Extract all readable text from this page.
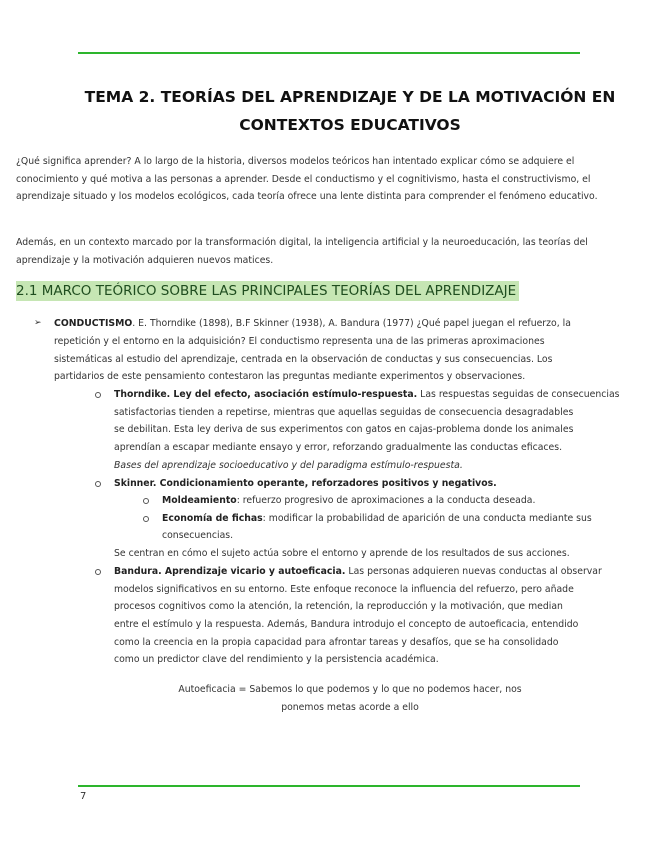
TEMA 2. TEORÍAS DEL APRENDIZAJE Y DE LA MOTIVACIÓN EN
CONTEXTOS EDUCATIVOS
¿Qué significa aprender? A lo largo de la historia, diversos modelos teóricos han intentado explicar cómo se adquiere el conocimiento y qué motiva a las personas a aprender. Desde el conductismo y el cognitivismo, hasta el constructivismo, el aprendizaje situado y los modelos ecológicos, cada teoría ofrece una lente distinta para comprender el fenómeno educativo.
Además, en un contexto marcado por la transformación digital, la inteligencia artificial y la neuroeducación, las teorías del aprendizaje y la motivación adquieren nuevos matices.
2.1 MARCO TEÓRICO SOBRE LAS PRINCIPALES TEORÍAS DEL APRENDIZAJE
➢ CONDUCTISMO. E. Thorndike (1898), B.F Skinner (1938), A. Bandura (1977) ¿Qué papel juegan el refuerzo, la
repetición y el entorno en la adquisición? El conductismo representa una de las primeras aproximaciones
sistemáticas al estudio del aprendizaje, centrada en la observación de conductas y sus consecuencias. Los
partidarios de este pensamiento contestaron las preguntas mediante experimentos y observaciones.
Thorndike. Ley del efecto, asociación estímulo-respuesta. Las respuestas seguidas de consecuencias
satisfactorias tienden a repetirse, mientras que aquellas seguidas de consecuencia desagradables
se debilitan. Esta ley deriva de sus experimentos con gatos en cajas-problema donde los animales
aprendían a escapar mediante ensayo y error, reforzando gradualmente las conductas eficaces.
Bases del aprendizaje socioeducativo y del paradigma estímulo-respuesta.
Skinner. Condicionamiento operante, reforzadores positivos y negativos.
Moldeamiento: refuerzo progresivo de aproximaciones a la conducta deseada.
Economía de fichas: modificar la probabilidad de aparición de una conducta mediante sus
consecuencias.
Se centran en cómo el sujeto actúa sobre el entorno y aprende de los resultados de sus acciones.
Bandura. Aprendizaje vicario y autoeficacia. Las personas adquieren nuevas conductas al observar
modelos significativos en su entorno. Este enfoque reconoce la influencia del refuerzo, pero añade
procesos cognitivos como la atención, la retención, la reproducción y la motivación, que median
entre el estímulo y la respuesta. Además, Bandura introdujo el concepto de autoeficacia, entendido
como la creencia en la propia capacidad para afrontar tareas y desafíos, que se ha consolidado
como un predictor clave del rendimiento y la persistencia académica.
Autoeficacia = Sabemos lo que podemos y lo que no podemos hacer, nos
ponemos metas acorde a ello
7
